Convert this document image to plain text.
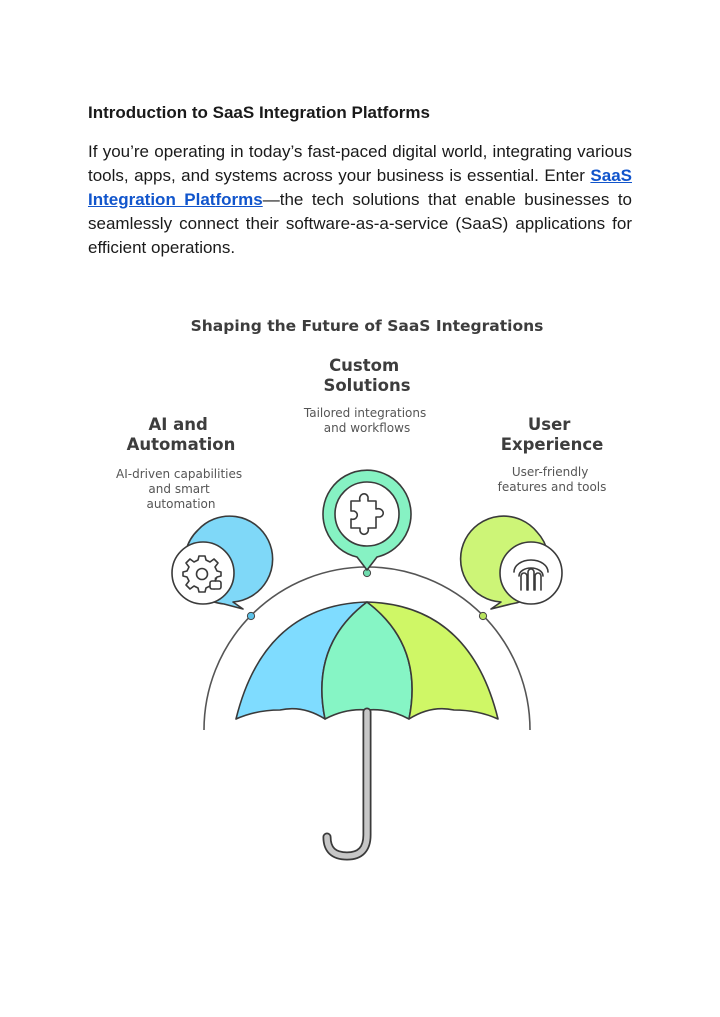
Introduction to SaaS Integration Platforms

If you’re operating in today’s fast-paced digital world, integrating various tools, apps, and systems across your business is essential. Enter SaaS Integration Platforms—the tech solutions that enable businesses to seamlessly connect their software-as-a-service (SaaS) applications for efficient operations.

Shaping the Future of SaaS Integrations
AI and Automation
AI-driven capabilities and smart automation
Custom Solutions
Tailored integrations and workflows	User Experience
User-friendly features and tools
